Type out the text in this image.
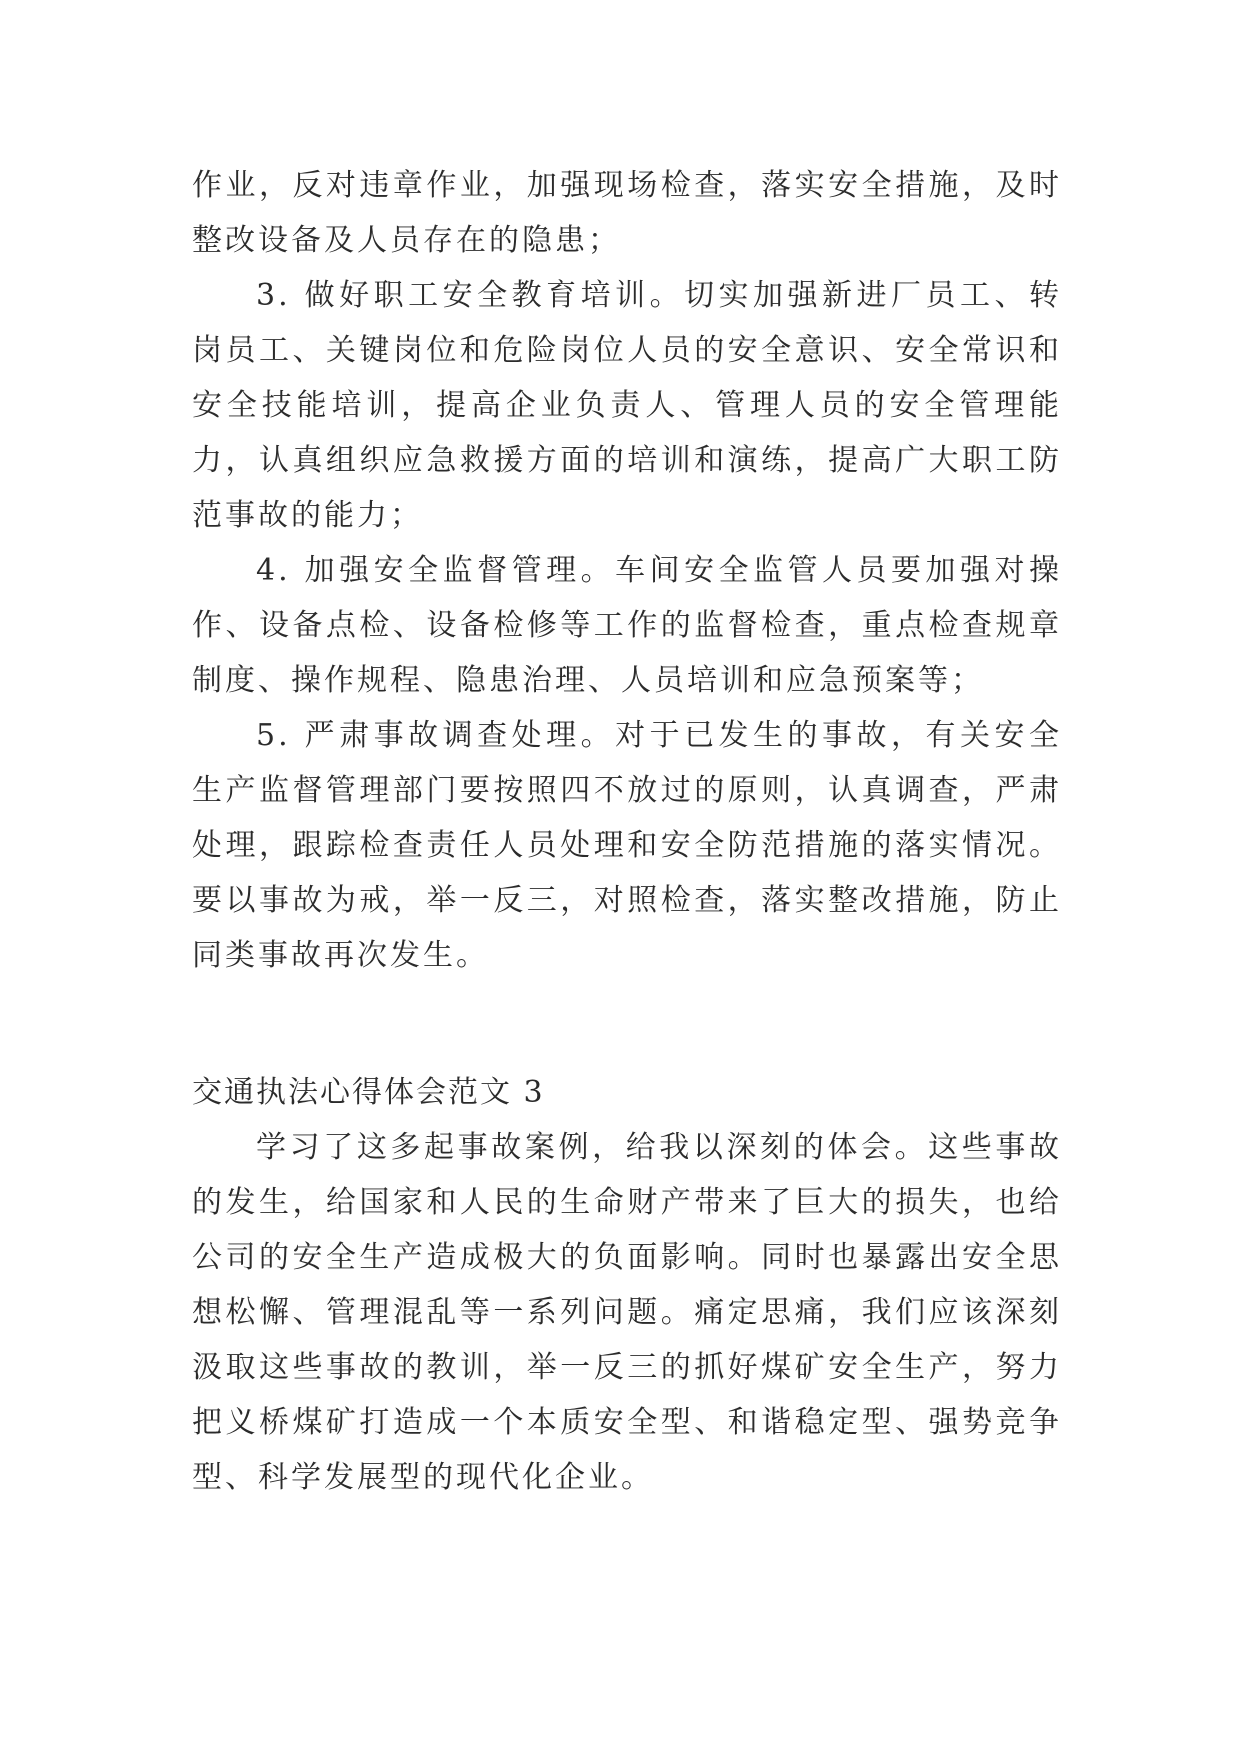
作业，反对违章作业，加强现场检查，落实安全措施，及时整改设备及人员存在的隐患；

3. 做好职工安全教育培训。切实加强新进厂员工、转岗员工、关键岗位和危险岗位人员的安全意识、安全常识和安全技能培训，提高企业负责人、管理人员的安全管理能力，认真组织应急救援方面的培训和演练，提高广大职工防范事故的能力；

4. 加强安全监督管理。车间安全监管人员要加强对操作、设备点检、设备检修等工作的监督检查，重点检查规章制度、操作规程、隐患治理、人员培训和应急预案等；

5. 严肃事故调查处理。对于已发生的事故，有关安全生产监督管理部门要按照四不放过的原则，认真调查，严肃处理，跟踪检查责任人员处理和安全防范措施的落实情况。要以事故为戒，举一反三，对照检查，落实整改措施，防止同类事故再次发生。

交通执法心得体会范文 3

学习了这多起事故案例，给我以深刻的体会。这些事故的发生，给国家和人民的生命财产带来了巨大的损失，也给公司的安全生产造成极大的负面影响。同时也暴露出安全思想松懈、管理混乱等一系列问题。痛定思痛，我们应该深刻汲取这些事故的教训，举一反三的抓好煤矿安全生产，努力把义桥煤矿打造成一个本质安全型、和谐稳定型、强势竞争型、科学发展型的现代化企业。
